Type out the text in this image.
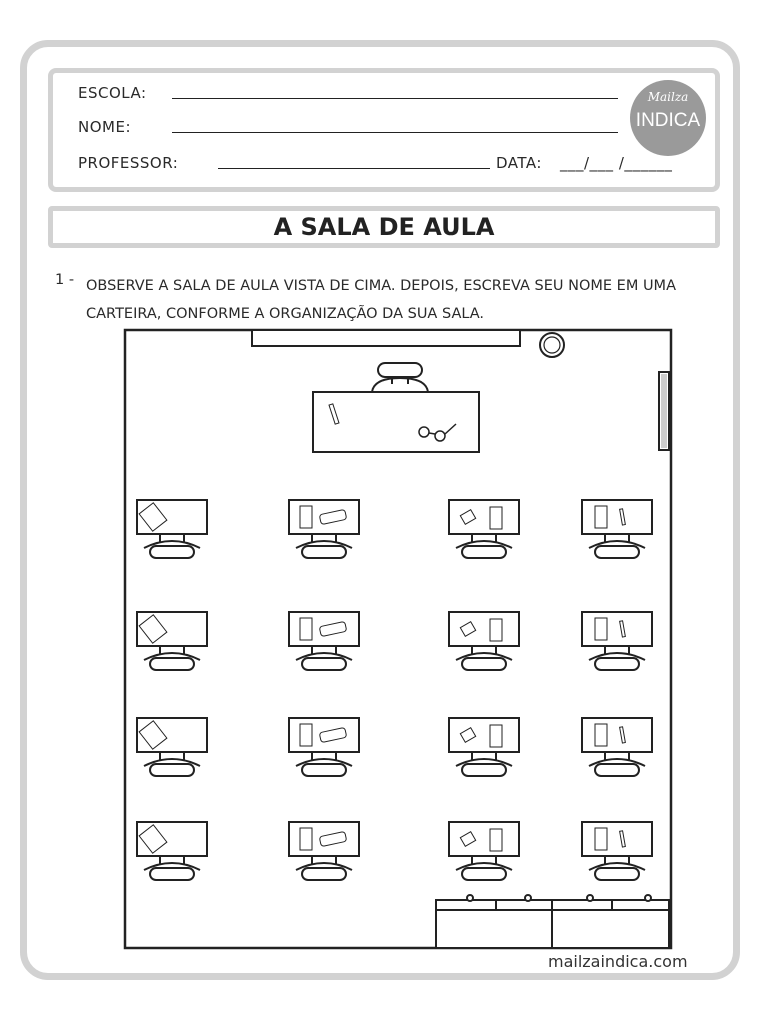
ESCOLA:
NOME:
PROFESSOR:	DATA: ___/___ /______
Mailza
INDICA
A SALA DE AULA
1 - OBSERVE A SALA DE AULA VISTA DE CIMA. DEPOIS, ESCREVA SEU NOME EM UMA CARTEIRA, CONFORME A ORGANIZAÇÃO DA SUA SALA.
mailzaindica.com
